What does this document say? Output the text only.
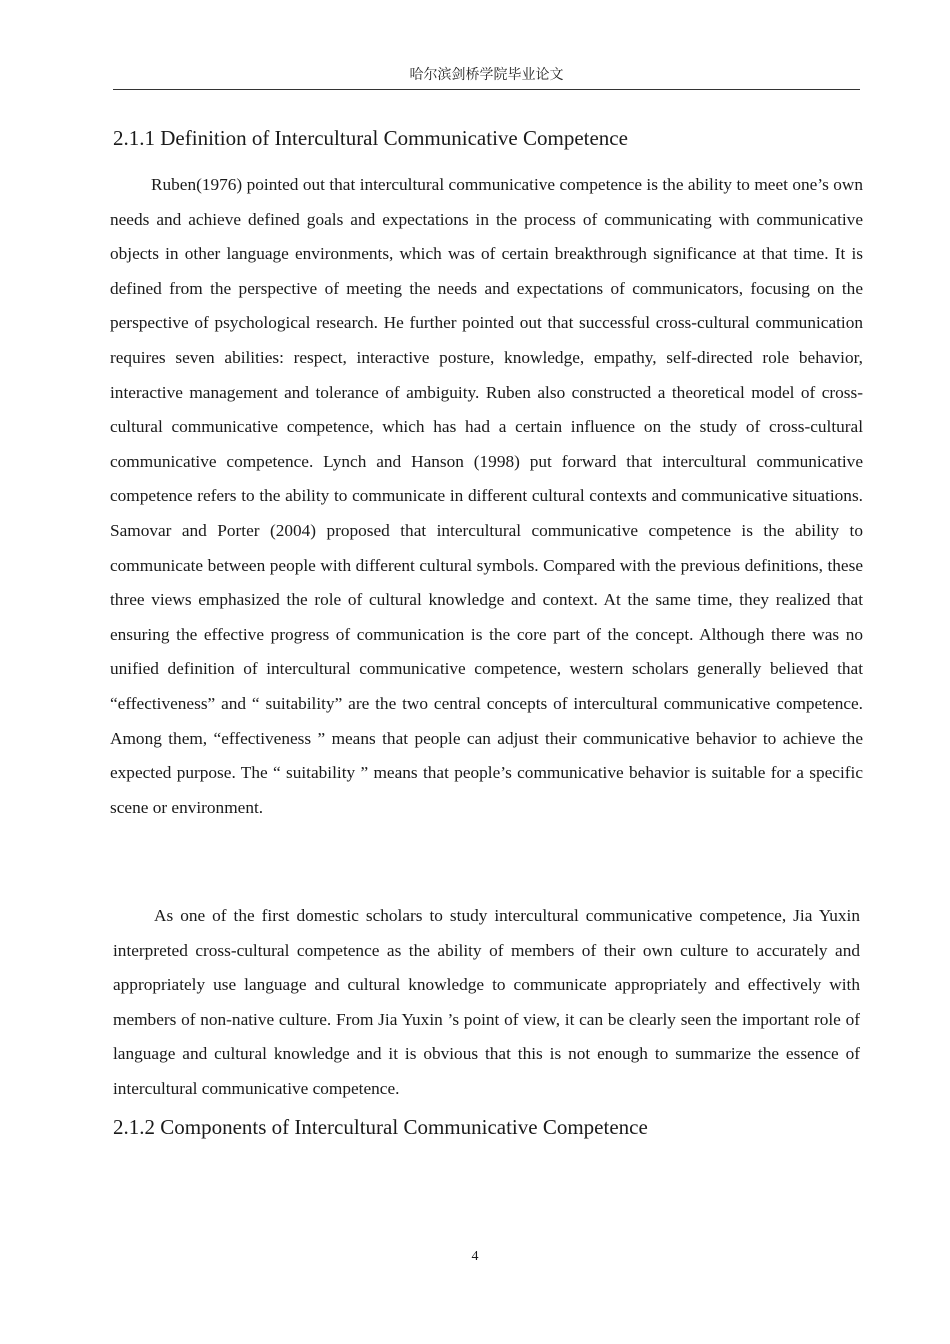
哈尔滨剑桥学院毕业论文
2.1.1 Definition of Intercultural Communicative Competence

Ruben(1976) pointed out that intercultural communicative competence is the ability to meet one’s own needs and achieve defined goals and expectations in the process of communicating with communicative objects in other language environments, which was of certain breakthrough significance at that time. It is defined from the perspective of meeting the needs and expectations of communicators, focusing on the perspective of psychological research. He further pointed out that successful cross-cultural communication requires seven abilities: respect, interactive posture, knowledge, empathy, self-directed role behavior, interactive management and tolerance of ambiguity. Ruben also constructed a theoretical model of cross-cultural communicative competence, which has had a certain influence on the study of cross-cultural communicative competence. Lynch and Hanson (1998) put forward that intercultural communicative competence refers to the ability to communicate in different cultural contexts and communicative situations. Samovar and Porter (2004) proposed that intercultural communicative competence is the ability to communicate between people with different cultural symbols. Compared with the previous definitions, these three views emphasized the role of cultural knowledge and context. At the same time, they realized that ensuring the effective progress of communication is the core part of the concept. Although there was no unified definition of intercultural communicative competence, western scholars generally believed that “effectiveness” and “ suitability” are the two central concepts of intercultural communicative competence. Among them, “effectiveness ” means that people can adjust their communicative behavior to achieve the expected purpose. The “ suitability ” means that people’s communicative behavior is suitable for a specific scene or environment.

As one of the first domestic scholars to study intercultural communicative competence, Jia Yuxin interpreted cross-cultural competence as the ability of members of their own culture to accurately and appropriately use language and cultural knowledge to communicate appropriately and effectively with members of non-native culture. From Jia Yuxin ’s point of view, it can be clearly seen the important role of language and cultural knowledge and it is obvious that this is not enough to summarize the essence of intercultural communicative competence.

2.1.2 Components of Intercultural Communicative Competence
4
